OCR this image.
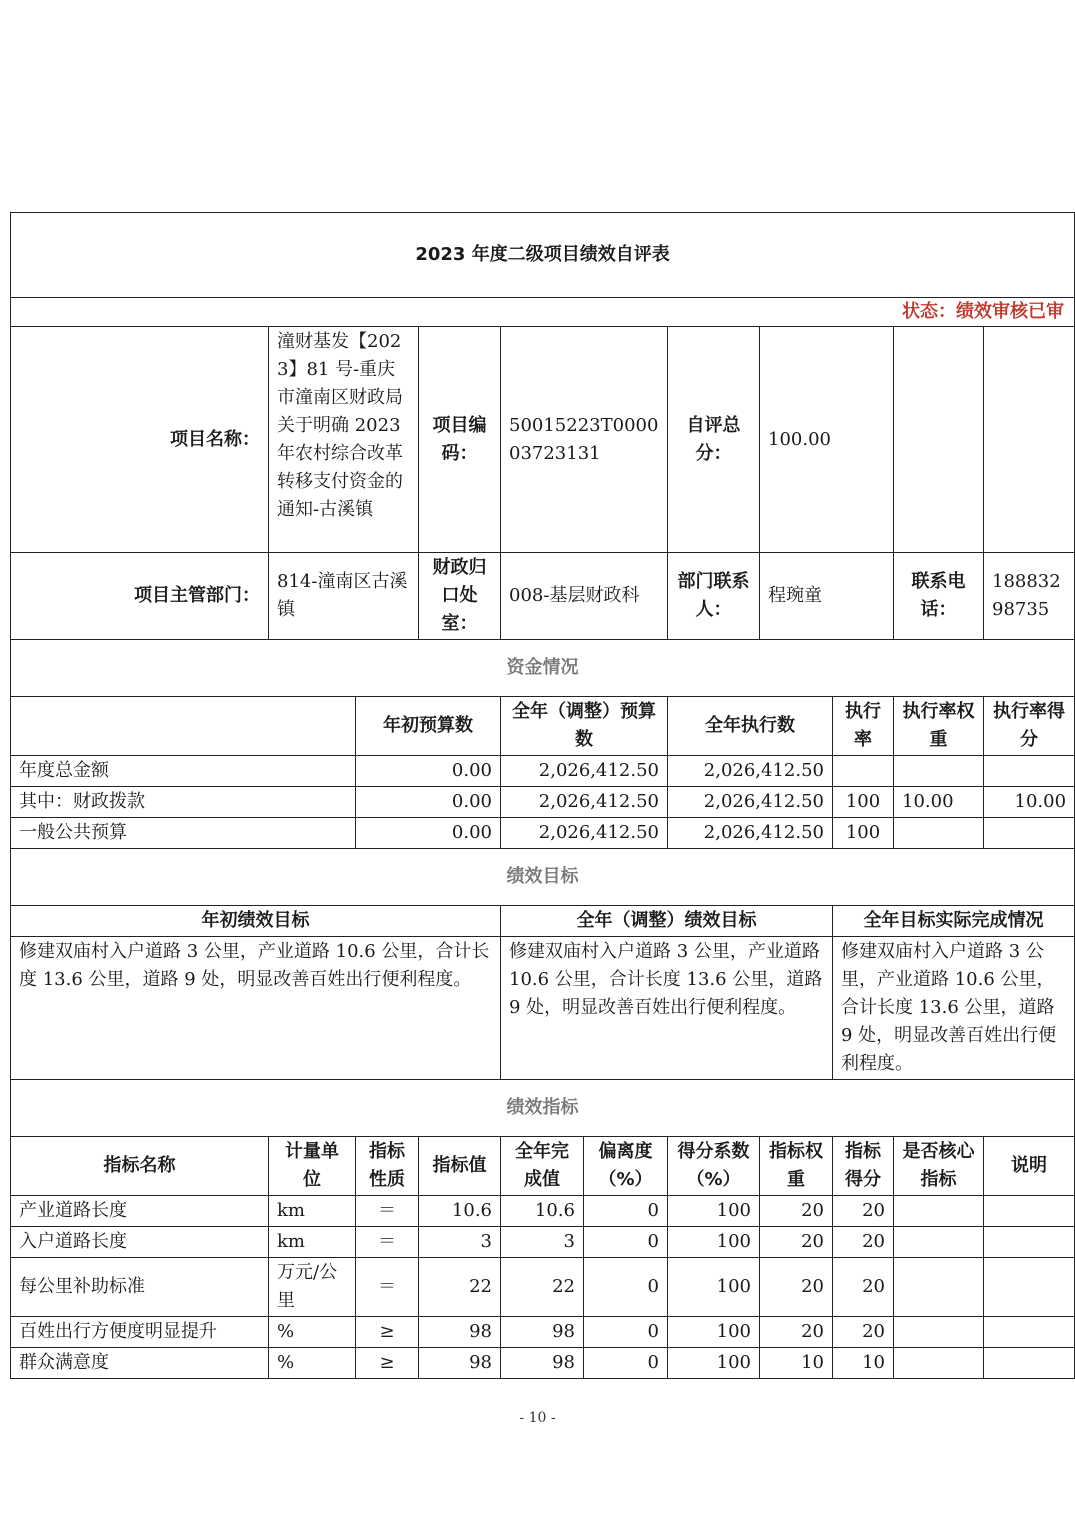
2023 年度二级项目绩效自评表										
状态：绩效审核已审										
项目名称：	潼财基发【2023】81 号-重庆市潼南区财政局关于明确 2023 年农村综合改革转移支付资金的通知-古溪镇		项目编码：	50015223T000003723131		自评总分：	100.00			
项目主管部门：	814-潼南区古溪镇		财政归口处室：	008-基层财政科		部门联系人：	程琬童		联系电话：	18883298735
资金情况										
		年初预算数		全年（调整）预算数		全年执行数		执行率	执行率权重	执行率得分
年度总金额		0.00		2,026,412.50		2,026,412.50				
其中：财政拨款		0.00		2,026,412.50		2,026,412.50		100	10.00	10.00
一般公共预算		0.00		2,026,412.50		2,026,412.50		100		
绩效目标										
年初绩效目标				全年（调整）绩效目标				全年目标实际完成情况		
修建双庙村入户道路 3 公里，产业道路 10.6 公里，合计长度 13.6 公里，道路 9 处，明显改善百姓出行便利程度。				修建双庙村入户道路 3 公里，产业道路 10.6 公里，合计长度 13.6 公里，道路 9 处，明显改善百姓出行便利程度。				修建双庙村入户道路 3 公里，产业道路 10.6 公里，合计长度 13.6 公里，道路 9 处，明显改善百姓出行便利程度。		
绩效指标										
指标名称	计量单位	指标性质	指标值	全年完成值	偏离度（%）	得分系数（%）	指标权重	指标得分	是否核心指标	说明
产业道路长度	km	＝	10.6	10.6	0	100	20	20		
入户道路长度	km	＝	3	3	0	100	20	20		
每公里补助标准	万元/公里	＝	22	22	0	100	20	20		
百姓出行方便度明显提升	%	≥	98	98	0	100	20	20		
群众满意度	%	≥	98	98	0	100	10	10		
- 10 -
